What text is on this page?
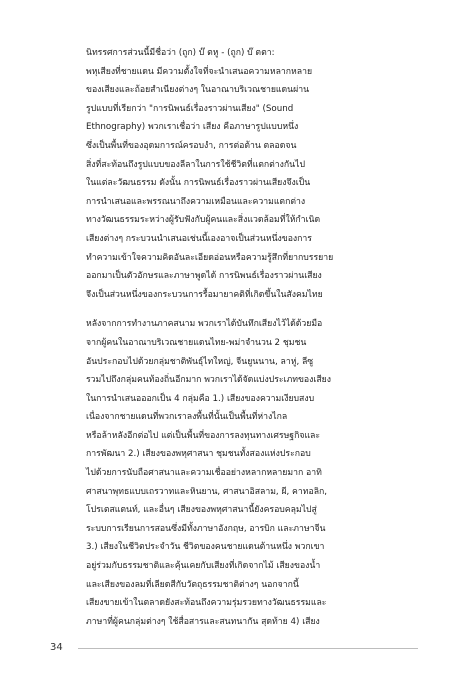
นิทรรศการส่วนนี้มีชื่อว่า (ถูก) บ๊ ตหู - (ถูก) บ๊ ตตา:
พหุเสียงที่ชายแดน มีความตั้งใจที่จะนำเสนอความหลากหลาย
ของเสียงและถ้อยสำเนียงต่างๆ ในอาณาบริเวณชายแดนผ่าน
รูปแบบที่เรียกว่า "การนิพนธ์เรื่องราวผ่านเสียง" (Sound
Ethnography) พวกเราเชื่อว่า เสียง คือภาษารูปแบบหนึ่ง
ซึ่งเป็นพื้นที่ของอุดมการณ์ครอบงำ, การต่อต้าน ตลอดจน
สิ่งที่สะท้อนถึงรูปแบบของลีลาในการใช้ชีวิตที่แตกต่างกันไป
ในแต่ละวัฒนธรรม ดังนั้น การนิพนธ์เรื่องราวผ่านเสียงจึงเป็น
การนำเสนอและพรรณนาถึงความเหมือนและความแตกต่าง
ทางวัฒนธรรมระหว่างผู้รับฟังกับผู้คนและสิ่งแวดล้อมที่ให้กำเนิด
เสียงต่างๆ กระบวนนำเสนอเช่นนี้เองอาจเป็นส่วนหนึ่งของการ
ทำความเข้าใจความคิดอันละเอียดอ่อนหรือความรู้สึกที่ยากบรรยาย
ออกมาเป็นตัวอักษรและภาษาพูดได้ การนิพนธ์เรื่องราวผ่านเสียง
จึงเป็นส่วนหนึ่งของกระบวนการรื้อมายาคติที่เกิดขึ้นในสังคมไทย

หลังจากการทำงานภาคสนาม พวกเราได้บันทึกเสียงไว้ได้ด้วยมือ
จากผู้คนในอาณาบริเวณชายแดนไทย-พม่าจำนวน 2 ชุมชน
อันประกอบไปด้วยกลุ่มชาติพันธุ์ไทใหญ่, จีนยูนนาน, ลาหู่, ลีซู
รวมไปถึงกลุ่มคนท้องถิ่นอีกมาก พวกเราได้จัดแบ่งประเภทของเสียง
ในการนำเสนอออกเป็น 4 กลุ่มคือ 1.) เสียงของความเงียบสงบ
เนื่องจากชายแดนที่พวกเราลงพื้นที่นั้นเป็นพื้นที่ห่างไกล
หรือล้าหลังอีกต่อไป แต่เป็นพื้นที่ของการลงทุนทางเศรษฐกิจและ
การพัฒนา 2.) เสียงของพหุศาสนา ชุมชนทั้งสองแห่งประกอบ
ไปด้วยการนับถือศาสนาและความเชื่ออย่างหลากหลายมาก อาทิ
ศาสนาพุทธแบบเถรวาทและหินยาน, ศาสนาอิสลาม, ผี, คาทอลิก,
โปรเตสแตนท์, และอื่นๆ เสียงของพหุศาสนานี้ยังครอบคลุมไปสู่
ระบบการเรียนการสอนซึ่งมีทั้งภาษาอังกฤษ, อารบิก และภาษาจีน
3.) เสียงในชีวิตประจำวัน ชีวิตของคนชายแดนต้านหนึ่ง พวกเขา
อยู่ร่วมกับธรรมชาติและคุ้นเคยกับเสียงที่เกิดจากไม้ เสียงของน้ำ
และเสียงของลมที่เลียดสีกับวัตถุธรรมชาติต่างๆ นอกจากนี้
เสียงขายเข้าในตลาดยังสะท้อนถึงความรุ่มรวยทางวัฒนธรรมและ
ภาษาที่ผู้คนกลุ่มต่างๆ ใช้สื่อสารและสนทนากัน สุดท้าย 4) เสียง

34
